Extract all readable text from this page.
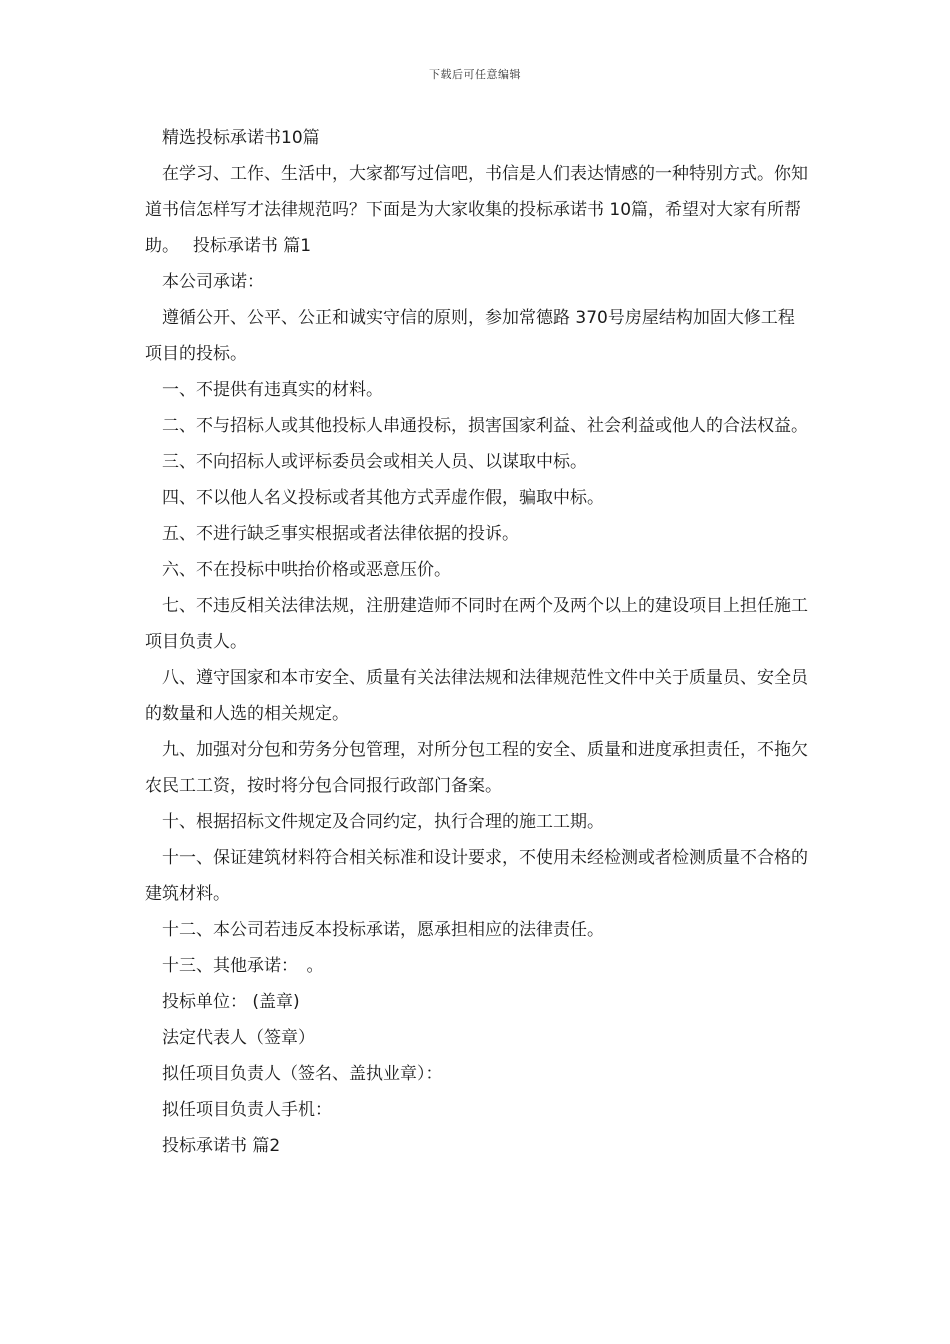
下载后可任意编辑

精选投标承诺书10篇

在学习、工作、生活中，大家都写过信吧，书信是人们表达情感的一种特别方式。你知道书信怎样写才法律规范吗？下面是为大家收集的投标承诺书 10篇，希望对大家有所帮助。　 投标承诺书 篇1

本公司承诺：

遵循公开、公平、公正和诚实守信的原则，参加常德路 370号房屋结构加固大修工程项目的投标。

一、不提供有违真实的材料。

二、不与招标人或其他投标人串通投标，损害国家利益、社会利益或他人的合法权益。

三、不向招标人或评标委员会或相关人员、以谋取中标。

四、不以他人名义投标或者其他方式弄虚作假，骗取中标。

五、不进行缺乏事实根据或者法律依据的投诉。

六、不在投标中哄抬价格或恶意压价。

七、不违反相关法律法规，注册建造师不同时在两个及两个以上的建设项目上担任施工项目负责人。

八、遵守国家和本市安全、质量有关法律法规和法律规范性文件中关于质量员、安全员的数量和人选的相关规定。

九、加强对分包和劳务分包管理，对所分包工程的安全、质量和进度承担责任，不拖欠农民工工资，按时将分包合同报行政部门备案。

十、根据招标文件规定及合同约定，执行合理的施工工期。

十一、保证建筑材料符合相关标准和设计要求，不使用未经检测或者检测质量不合格的建筑材料。

十二、本公司若违反本投标承诺，愿承担相应的法律责任。

十三、其他承诺：　。

投标单位： (盖章)

法定代表人（签章）

拟任项目负责人（签名、盖执业章）：

拟任项目负责人手机：

投标承诺书 篇2
